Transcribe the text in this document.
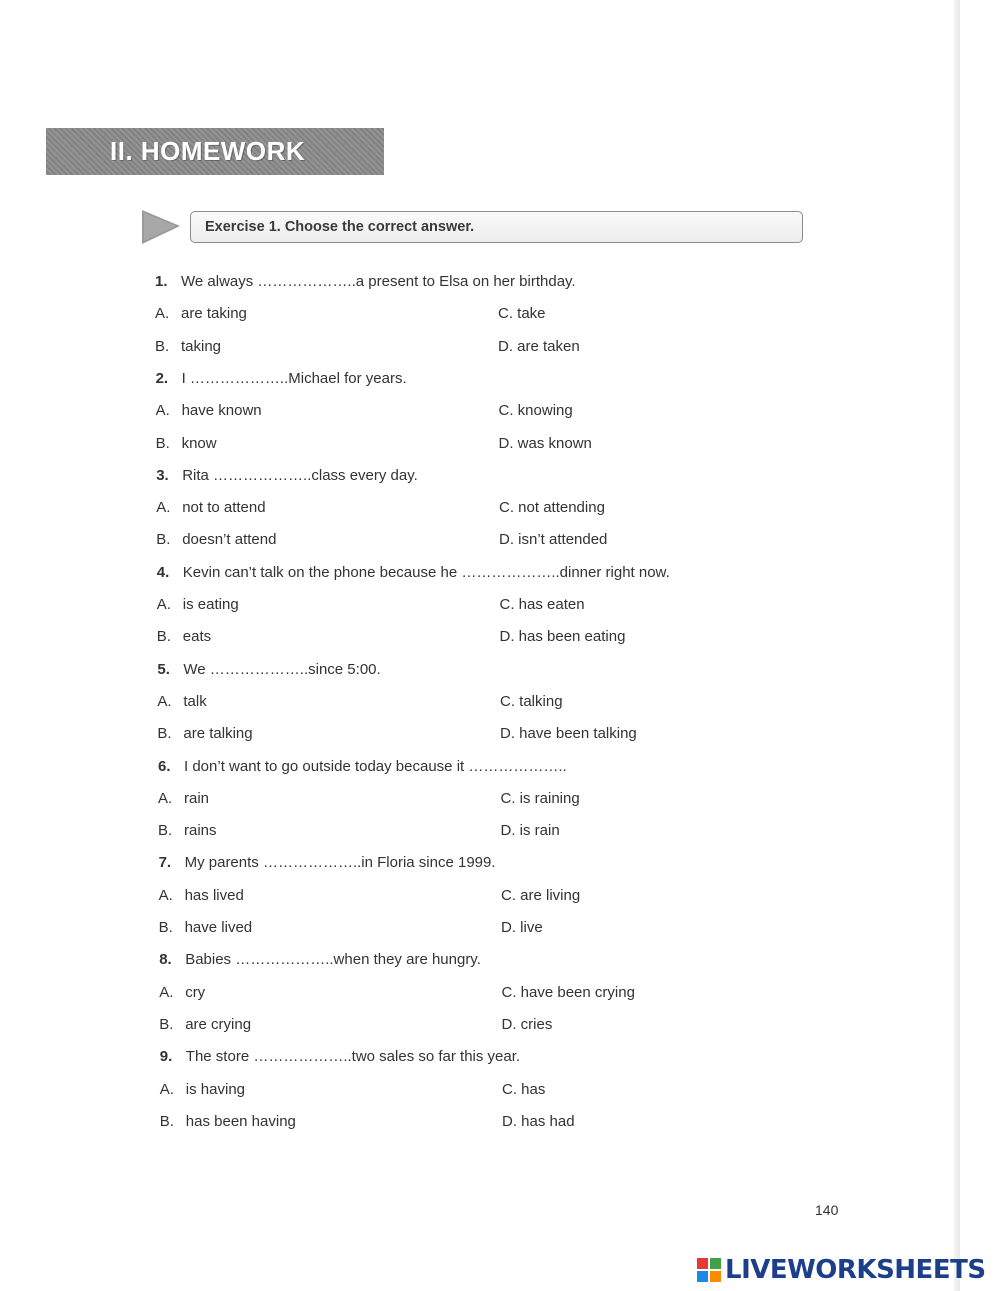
II. HOMEWORK
Exercise 1. Choose the correct answer.
1. We always ………………..a present to Elsa on her birthday.
A. are taking	C. take
B. taking	D. are taken
2. I ………………..Michael for years.
A. have known	C. knowing
B. know	D. was known
3. Rita ………………..class every day.
A. not to attend	C. not attending
B. doesn’t attend	D. isn’t attended
4. Kevin can’t talk on the phone because he ………………..dinner right now.
A. is eating	C. has eaten
B. eats	D. has been eating
5. We ………………..since 5:00.
A. talk	C. talking
B. are talking	D. have been talking
6. I don’t want to go outside today because it ………………..
A. rain	C. is raining
B. rains	D. is rain
7. My parents ………………..in Floria since 1999.
A. has lived	C. are living
B. have lived	D. live
8. Babies ………………..when they are hungry.
A. cry	C. have been crying
B. are crying	D. cries
9. The store ………………..two sales so far this year.
A. is having	C. has
B. has been having	D. has had
140
LIVEWORKSHEETS
